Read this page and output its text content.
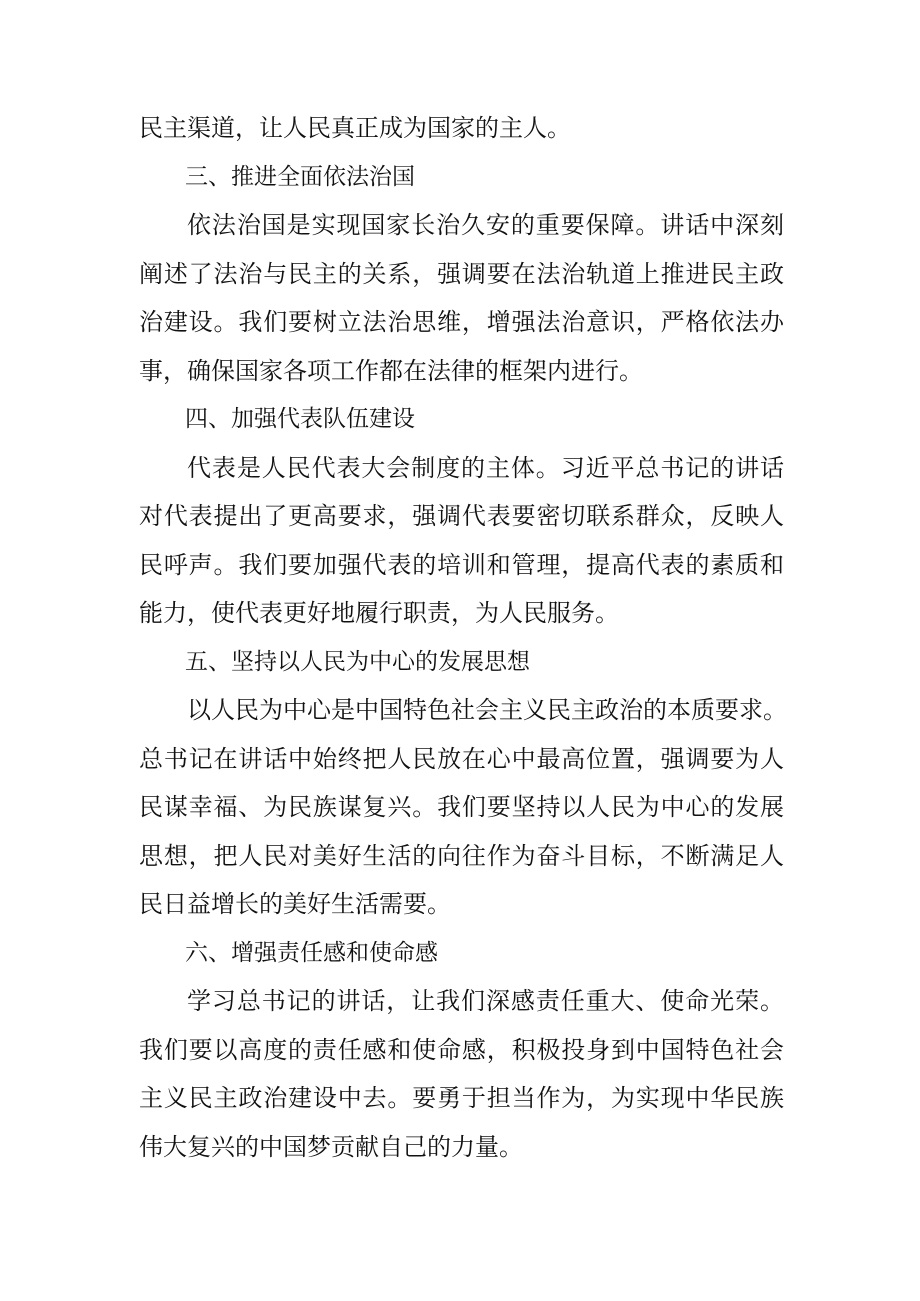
民主渠道，让人民真正成为国家的主人。
三、推进全面依法治国
依法治国是实现国家长治久安的重要保障。讲话中深刻
阐述了法治与民主的关系，强调要在法治轨道上推进民主政
治建设。我们要树立法治思维，增强法治意识，严格依法办
事，确保国家各项工作都在法律的框架内进行。
四、加强代表队伍建设
代表是人民代表大会制度的主体。习近平总书记的讲话
对代表提出了更高要求，强调代表要密切联系群众，反映人
民呼声。我们要加强代表的培训和管理，提高代表的素质和
能力，使代表更好地履行职责，为人民服务。
五、坚持以人民为中心的发展思想
以人民为中心是中国特色社会主义民主政治的本质要求。
总书记在讲话中始终把人民放在心中最高位置，强调要为人
民谋幸福、为民族谋复兴。我们要坚持以人民为中心的发展
思想，把人民对美好生活的向往作为奋斗目标，不断满足人
民日益增长的美好生活需要。
六、增强责任感和使命感
学习总书记的讲话，让我们深感责任重大、使命光荣。
我们要以高度的责任感和使命感，积极投身到中国特色社会
主义民主政治建设中去。要勇于担当作为，为实现中华民族
伟大复兴的中国梦贡献自己的力量。
